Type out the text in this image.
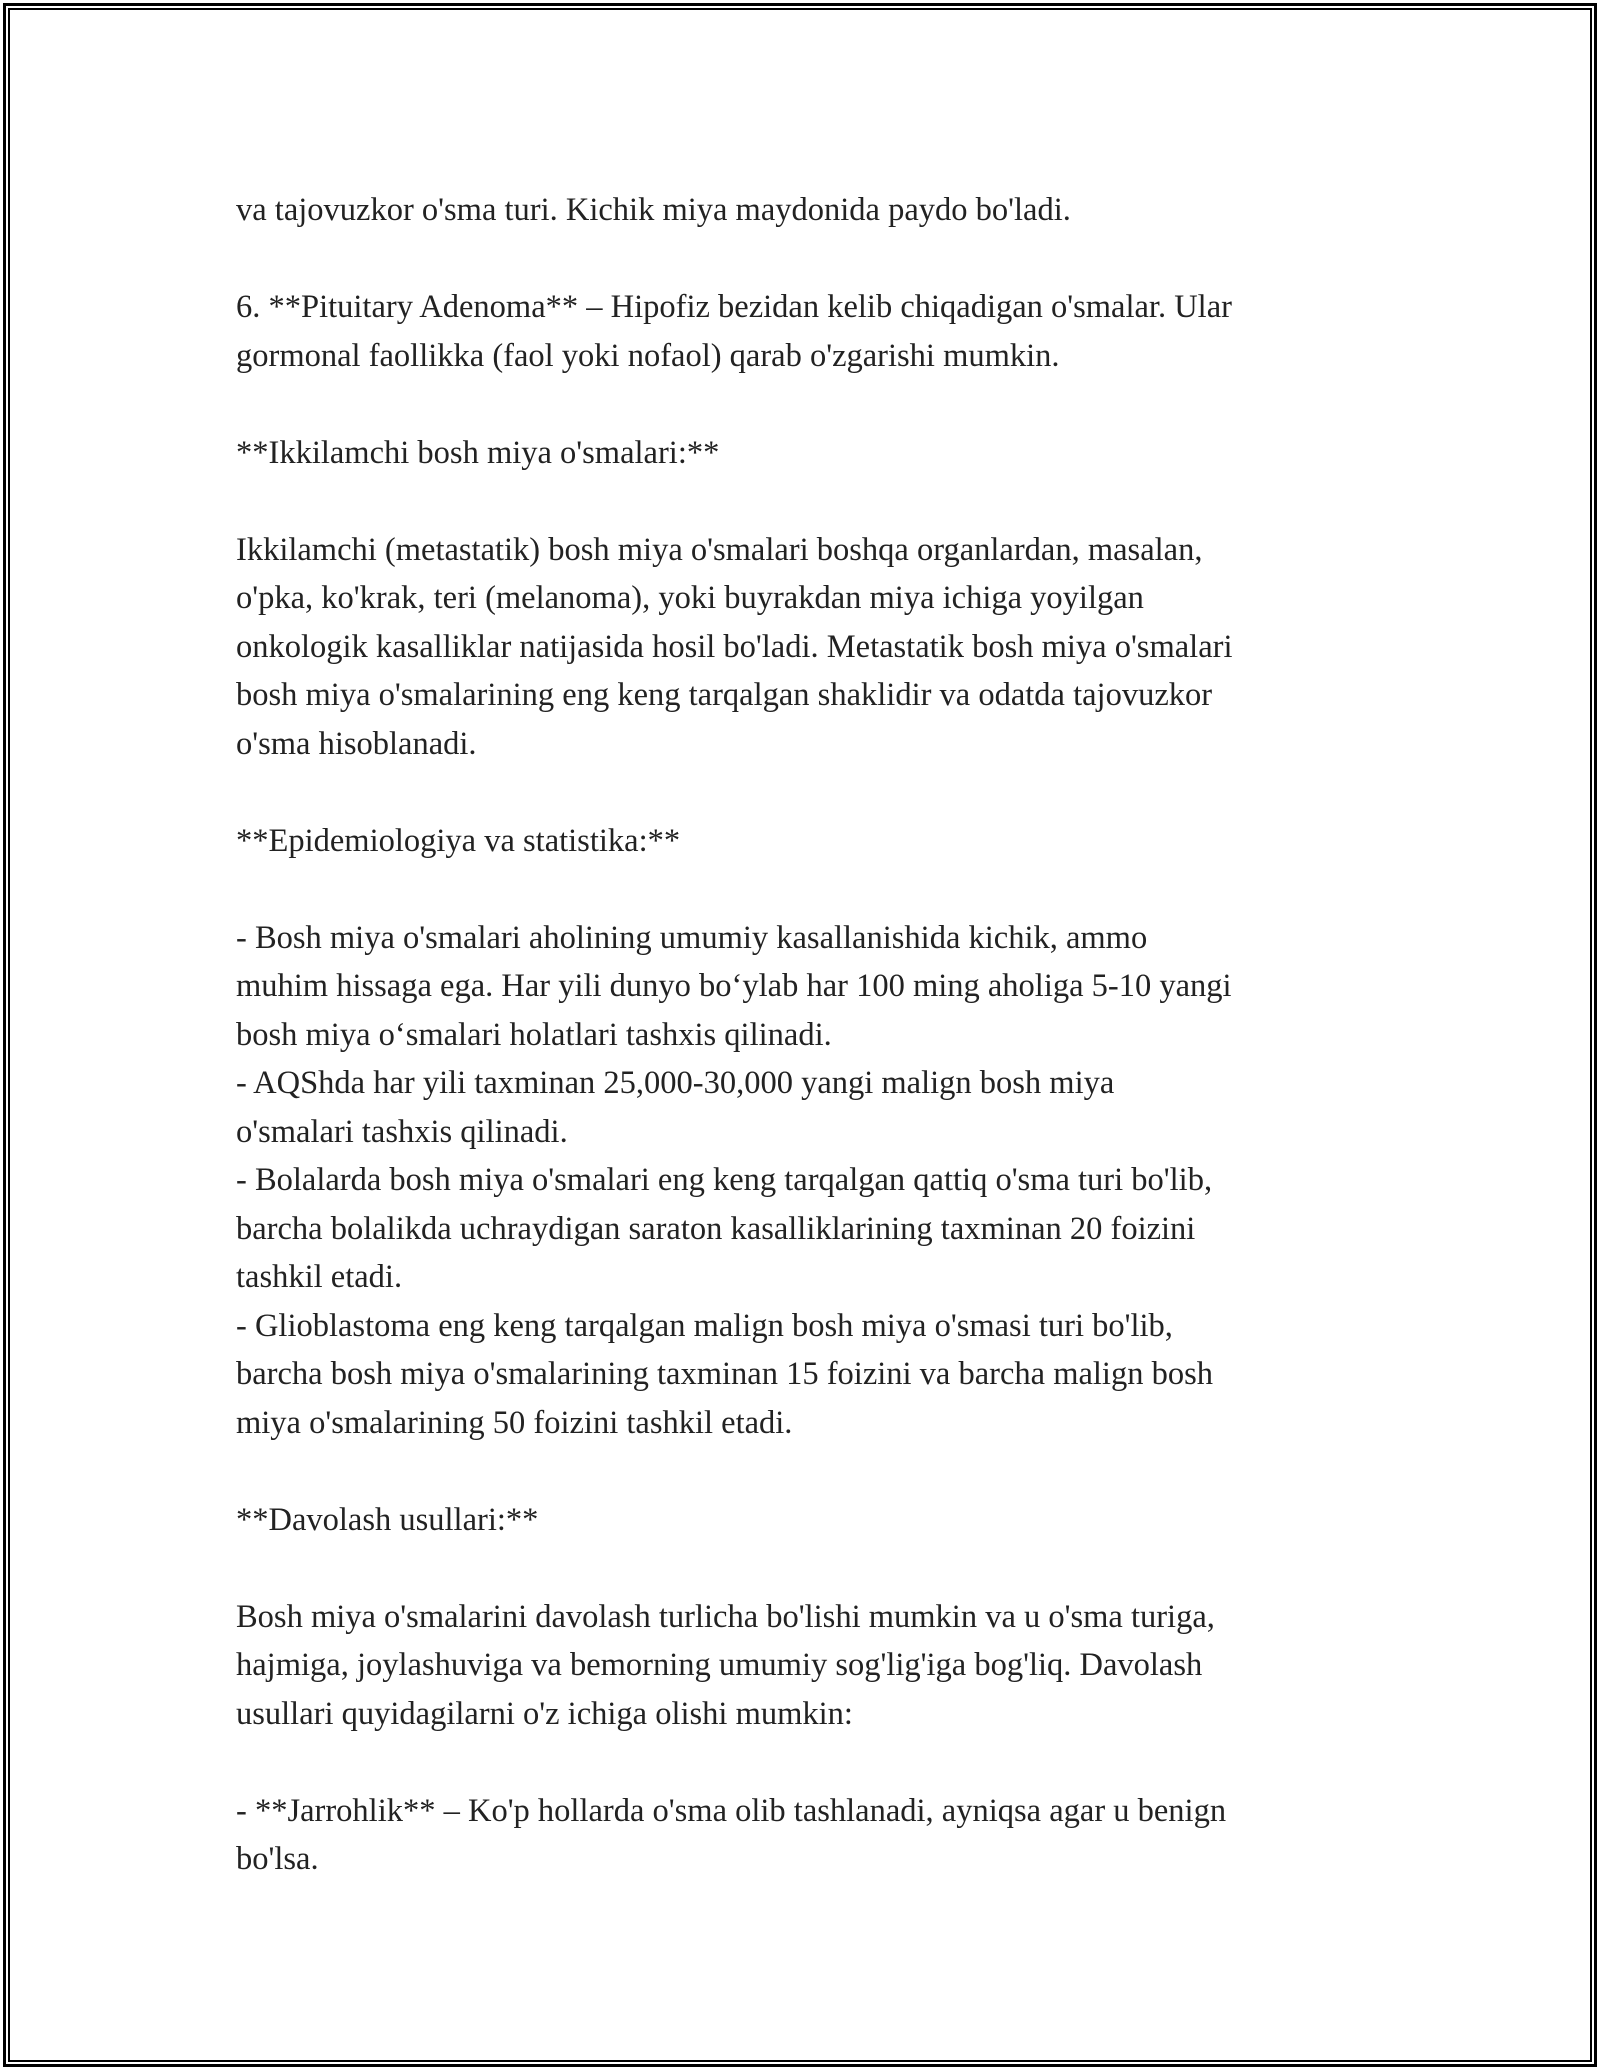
va tajovuzkor o'sma turi. Kichik miya maydonida paydo bo'ladi.

6. **Pituitary Adenoma** – Hipofiz bezidan kelib chiqadigan o'smalar. Ular
gormonal faollikka (faol yoki nofaol) qarab o'zgarishi mumkin.

**Ikkilamchi bosh miya o'smalari:**

Ikkilamchi (metastatik) bosh miya o'smalari boshqa organlardan, masalan,
o'pka, ko'krak, teri (melanoma), yoki buyrakdan miya ichiga yoyilgan
onkologik kasalliklar natijasida hosil bo'ladi. Metastatik bosh miya o'smalari
bosh miya o'smalarining eng keng tarqalgan shaklidir va odatda tajovuzkor
o'sma hisoblanadi.

**Epidemiologiya va statistika:**

- Bosh miya o'smalari aholining umumiy kasallanishida kichik, ammo
muhim hissaga ega. Har yili dunyo bo‘ylab har 100 ming aholiga 5-10 yangi
bosh miya o‘smalari holatlari tashxis qilinadi.
- AQShda har yili taxminan 25,000-30,000 yangi malign bosh miya
o'smalari tashxis qilinadi.
- Bolalarda bosh miya o'smalari eng keng tarqalgan qattiq o'sma turi bo'lib,
barcha bolalikda uchraydigan saraton kasalliklarining taxminan 20 foizini
tashkil etadi.
- Glioblastoma eng keng tarqalgan malign bosh miya o'smasi turi bo'lib,
barcha bosh miya o'smalarining taxminan 15 foizini va barcha malign bosh
miya o'smalarining 50 foizini tashkil etadi.

**Davolash usullari:**

Bosh miya o'smalarini davolash turlicha bo'lishi mumkin va u o'sma turiga,
hajmiga, joylashuviga va bemorning umumiy sog'lig'iga bog'liq. Davolash
usullari quyidagilarni o'z ichiga olishi mumkin:

- **Jarrohlik** – Ko'p hollarda o'sma olib tashlanadi, ayniqsa agar u benign
bo'lsa.
